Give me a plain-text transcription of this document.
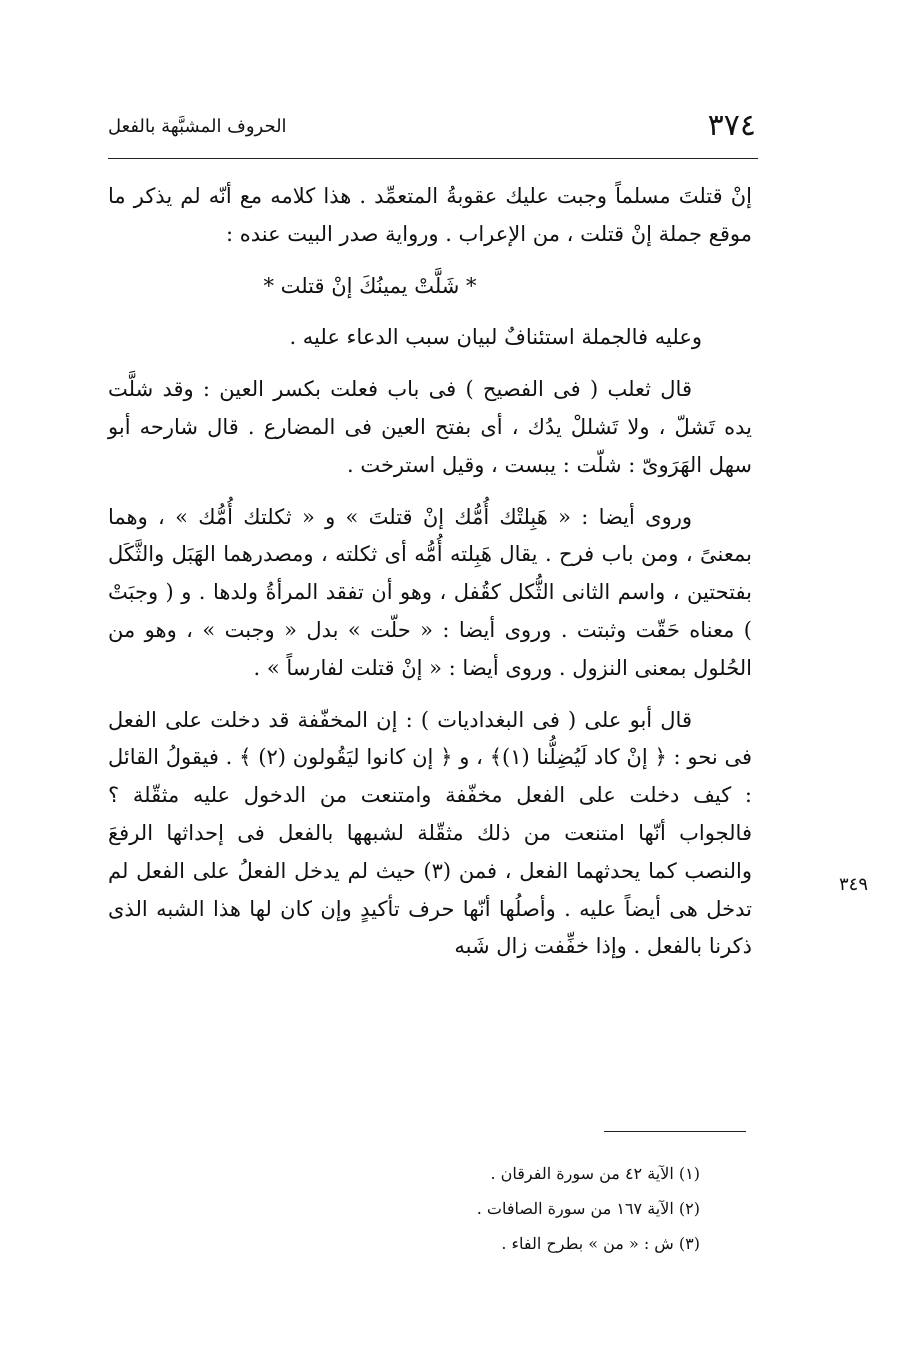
٣٧٤
الحروف المشبَّهة بالفعل

إنْ قتلتَ مسلماً وجبت عليك عقوبةُ المتعمِّد . هذا كلامه مع أنّه لم يذكر ما موقع جملة إنْ قتلت ، من الإعراب . ورواية صدر البيت عنده :

* شَلَّتْ يمينُكَ إنْ قتلت *

وعليه فالجملة استئنافٌ لبيان سبب الدعاء عليه .

قال ثعلب ( فى الفصيح ) فى باب فعلت بكسر العين : وقد شلَّت يده تَشلّ ، ولا تَشللْ يدُك ، أى بفتح العين فى المضارع . قال شارحه أبو سهل الهَرَوىّ : شلّت : يبست ، وقيل استرخت .

وروى أيضا : « هَبِلتْك أُمُّك إنْ قتلتَ » و « ثكلتك أُمُّك » ، وهما بمعنىً ، ومن باب فرح . يقال هَبِلته أُمُّه أى ثكلته ، ومصدرهما الهَبَل والثَّكَل بفتحتين ، واسم الثانى الثُّكل كقُفل ، وهو أن تفقد المرأةُ ولدها . و ( وجبَتْ ) معناه حَقّت وثبتت . وروى أيضا : « حلّت » بدل « وجبت » ، وهو من الحُلول بمعنى النزول . وروى أيضا : « إنْ قتلت لفارساً » .

قال أبو على ( فى البغداديات ) : إن المخفّفة قد دخلت على الفعل فى نحو : ﴿ إنْ كاد لَيُضِلُّنا (١)﴾ ، و ﴿ إن كانوا ليَقُولون (٢) ﴾ . فيقولُ القائل : كيف دخلت على الفعل مخفّفة وامتنعت من الدخول عليه مثقّلة ؟ فالجواب أنّها امتنعت من ذلك مثقّلة لشبهها بالفعل فى إحداثها الرفعَ والنصب كما يحدثهما الفعل ، فمن (٣) حيث لم يدخل الفعلُ على الفعل لم تدخل هى أيضاً عليه . وأصلُها أنّها حرف تأكيدٍ وإن كان لها هذا الشبه الذى ذكرنا بالفعل . وإذا خفِّفت زال شَبه

٣٤٩
(١) الآية ٤٢ من سورة الفرقان .
(٢) الآية ١٦٧ من سورة الصافات .
(٣) ش : « من » بطرح الفاء .
